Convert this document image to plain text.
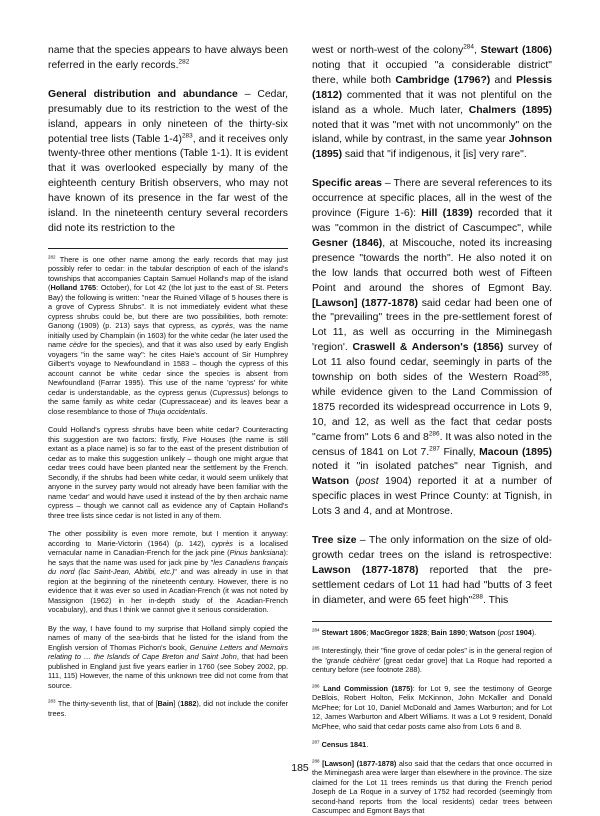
name that the species appears to have always been referred in the early records.$^{282}$

General distribution and abundance – Cedar, presumably due to its restriction to the west of the island, appears in only nineteen of the thirty-six potential tree lists (Table 1-4)$^{283}$, and it receives only twenty-three other mentions (Table 1-1). It is evident that it was overlooked especially by many of the eighteenth century British observers, who may not have known of its presence in the far west of the island. In the nineteenth century several recorders did note its restriction to the

$^{282}$ There is one other name among the early records that may just possibly refer to cedar: in the tabular description of each of the island's townships that accompanies Captain Samuel Holland's map of the island (Holland 1765: October), for Lot 42 (the lot just to the east of St. Peters Bay) the following is written: "near the Ruined Village of 5 houses there is a grove of Cypress Shrubs". It is not immediately evident what these cypress shrubs could be, but there are two possibilities, both remote: Ganong (1909) (p. 213) says that cypress, as cyprès, was the name initially used by Champlain (in 1603) for the white cedar (he later used the name cèdre for the species), and that it was also used by early English voyagers "in the same way": he cites Haie's account of Sir Humphrey Gilbert's voyage to Newfoundland in 1583 – though the cypress of this account cannot be white cedar since the species is absent from Newfoundland (Farrar 1995). This use of the name 'cypress' for white cedar is understandable, as the cypress genus (Cupressus) belongs to the same family as white cedar (Cupressaceae) and its leaves bear a close resemblance to those of Thuja occidentalis.

Could Holland's cypress shrubs have been white cedar? Counteracting this suggestion are two factors: firstly, Five Houses (the name is still extant as a place name) is so far to the east of the present distribution of cedar as to make this suggestion unlikely – though one might argue that cedar trees could have been planted near the settlement by the French. Secondly, if the shrubs had been white cedar, it would seem unlikely that anyone in the survey party would not already have been familiar with the name 'cedar' and would have used it instead of the by then archaic name cypress – though we cannot call as evidence any of Captain Holland's three tree lists since cedar is not listed in any of them.

The other possibility is even more remote, but I mention it anyway: according to Marie-Victorin (1964) (p. 142), cyprès is a localised vernacular name in Canadian-French for the jack pine (Pinus banksiana): he says that the name was used for jack pine by "les Canadiens français du nord (lac Saint-Jean, Abitibi, etc.)" and was already in use in that region at the beginning of the nineteenth century. However, there is no evidence that it was ever so used in Acadian-French (it was not noted by Massignon (1962) in her in-depth study of the Acadian-French vocabulary), and thus I think we cannot give it serious consideration.

By the way, I have found to my surprise that Holland simply copied the names of many of the sea-birds that he listed for the island from the English version of Thomas Pichon's book, Genuine Letters and Memoirs relating to … the Islands of Cape Breton and Saint John, that had been published in England just five years earlier in 1760 (see Sobey 2002, pp. 111, 115) However, the name of this unknown tree did not come from that source.

$^{283}$ The thirty-seventh list, that of [Bain] (1882), did not include the conifer trees.

west or north-west of the colony$^{284}$, Stewart (1806) noting that it occupied "a considerable district" there, while both Cambridge (1796?) and Plessis (1812) commented that it was not plentiful on the island as a whole. Much later, Chalmers (1895) noted that it was "met with not uncommonly" on the island, while by contrast, in the same year Johnson (1895) said that "if indigenous, it [is] very rare".

Specific areas – There are several references to its occurrence at specific places, all in the west of the province (Figure 1-6): Hill (1839) recorded that it was "common in the district of Cascumpec", while Gesner (1846), at Miscouche, noted its increasing presence "towards the north". He also noted it on the low lands that occurred both west of Fifteen Point and around the shores of Egmont Bay. [Lawson] (1877-1878) said cedar had been one of the "prevailing" trees in the pre-settlement forest of Lot 11, as well as occurring in the Miminegash 'region'. Craswell & Anderson's (1856) survey of Lot 11 also found cedar, seemingly in parts of the township on both sides of the Western Road$^{285}$, while evidence given to the Land Commission of 1875 recorded its widespread occurrence in Lots 9, 10, and 12, as well as the fact that cedar posts "came from" Lots 6 and $8^{286}$. It was also noted in the census of 1841 on Lot 7.$^{287}$ Finally, Macoun (1895) noted it "in isolated patches" near Tignish, and Watson (post 1904) reported it at a number of specific places in west Prince County: at Tignish, in Lots 3 and 4, and at Montrose.

Tree size – The only information on the size of old-growth cedar trees on the island is retrospective: Lawson (1877-1878) reported that the pre-settlement cedars of Lot 11 had had "butts of 3 feet in diameter, and were 65 feet high"$^{288}$. This

$^{284}$ Stewart 1806; MacGregor 1828; Bain 1890; Watson (post 1904).

$^{285}$ Interestingly, their "fine grove of cedar poles" is in the general region of the 'grande cèdrière' [great cedar grove] that La Roque had reported a century before (see footnote 288).

$^{286}$ Land Commission (1875): for Lot 9, see the testimony of George DeBlois, Robert Holton, Felix McKinnon, John McKaller and Donald McPhee; for Lot 10, Daniel McDonald and James Warburton; and for Lot 12, James Warburton and Albert Williams. It was a Lot 9 resident, Donald McPhee, who said that cedar posts came also from Lots 6 and 8.

$^{287}$ Census 1841.

$^{288}$ [Lawson] (1877-1878) also said that the cedars that once occurred in the Miminegash area were larger than elsewhere in the province. The size claimed for the Lot 11 trees reminds us that during the French period Joseph de La Roque in a survey of 1752 had recorded (seemingly from second-hand reports from the local residents) cedar trees between Cascumpec and Egmont Bays that

185
